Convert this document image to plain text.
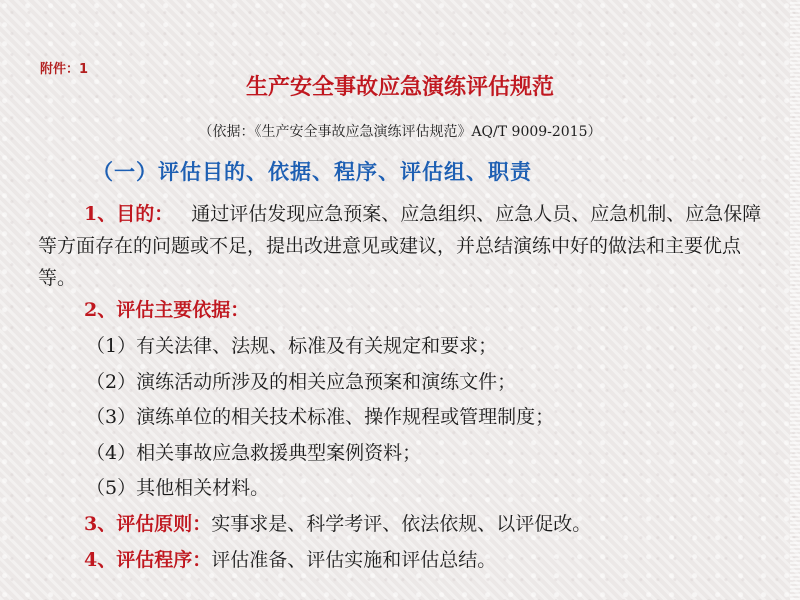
附件：1
生产安全事故应急演练评估规范
（依据：《生产安全事故应急演练评估规范》AQ/T 9009-2015）
（一）评估目的、依据、程序、评估组、职责
1、目的： 通过评估发现应急预案、应急组织、应急人员、应急机制、应急保障等方面存在的问题或不足，提出改进意见或建议，并总结演练中好的做法和主要优点等。
2、评估主要依据：
（1）有关法律、法规、标准及有关规定和要求；
（2）演练活动所涉及的相关应急预案和演练文件；
（3）演练单位的相关技术标准、操作规程或管理制度；
（4）相关事故应急救援典型案例资料；
（5）其他相关材料。
3、评估原则：实事求是、科学考评、依法依规、以评促改。
4、评估程序：评估准备、评估实施和评估总结。
